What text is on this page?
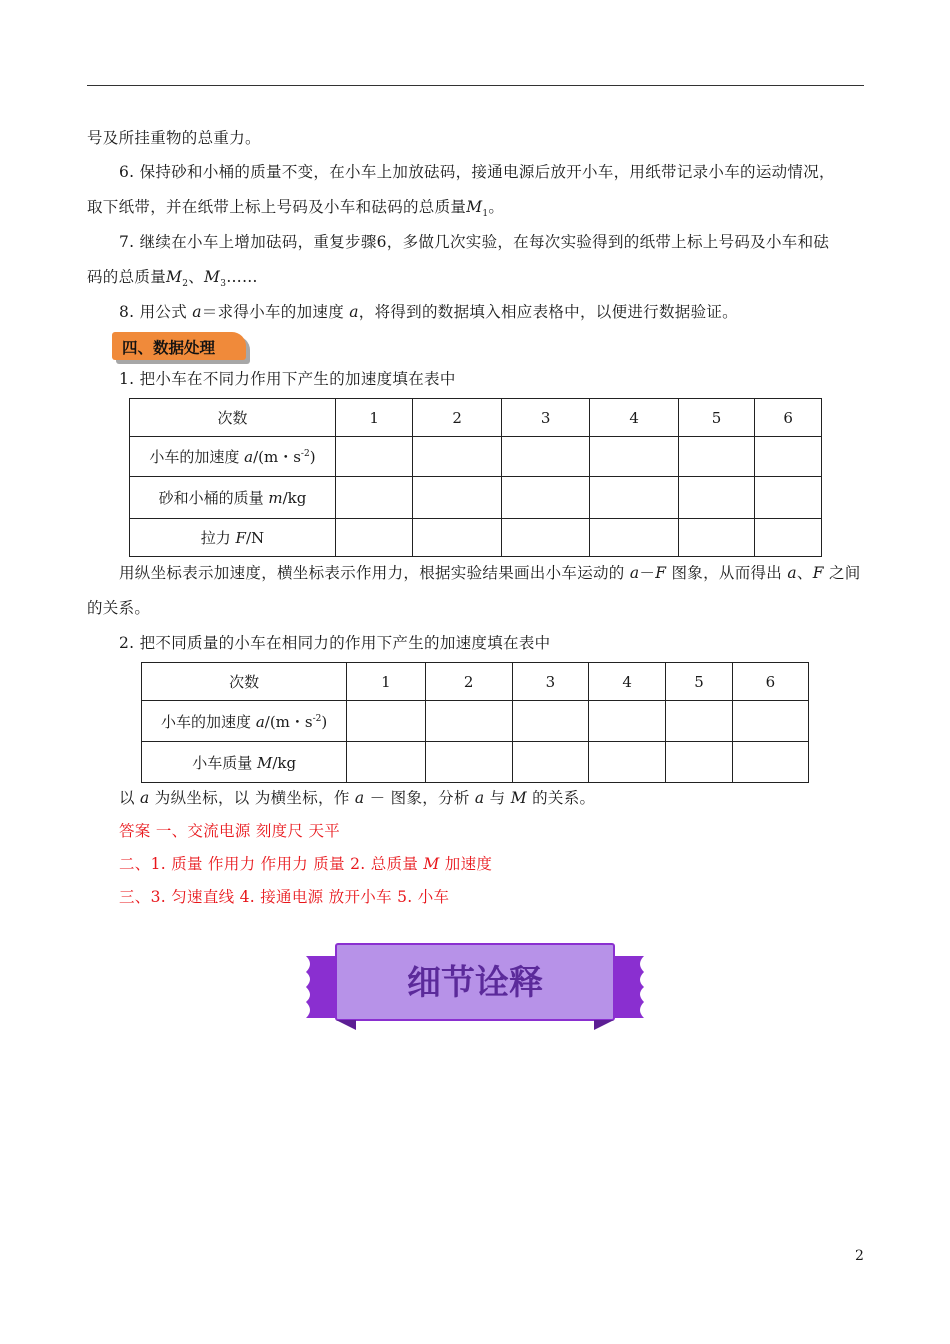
号及所挂重物的总重力。
6. 保持砂和小桶的质量不变，在小车上加放砝码，接通电源后放开小车，用纸带记录小车的运动情况，
取下纸带，并在纸带上标上号码及小车和砝码的总质量$M_1$。
7. 继续在小车上增加砝码，重复步骤6，多做几次实验，在每次实验得到的纸带上标上号码及小车和砝
码的总质量$M_2$、$M_3\dots\dots$
8. 用公式 a＝求得小车的加速度 a，将得到的数据填入相应表格中，以便进行数据验证。
四、数据处理
1. 把小车在不同力作用下产生的加速度填在表中
次数	1	2	3	4	5	6
小车的加速度 a/(m・$s^{-2}$)						
砂和小桶的质量 m/kg						
拉力 F/N						
用纵坐标表示加速度，横坐标表示作用力，根据实验结果画出小车运动的 a－F 图象，从而得出 a、F 之间
的关系。
2. 把不同质量的小车在相同力的作用下产生的加速度填在表中
次数	1	2	3	4	5	6
小车的加速度 a/(m・$s^{-2}$)						
小车质量 M/kg						
以 a 为纵坐标，以 为横坐标，作 a － 图象，分析 a 与 M 的关系。
答案 一、交流电源 刻度尺 天平
二、1. 质量 作用力 作用力 质量 2. 总质量 M 加速度
三、3. 匀速直线 4. 接通电源 放开小车 5. 小车
细节诠释
2
